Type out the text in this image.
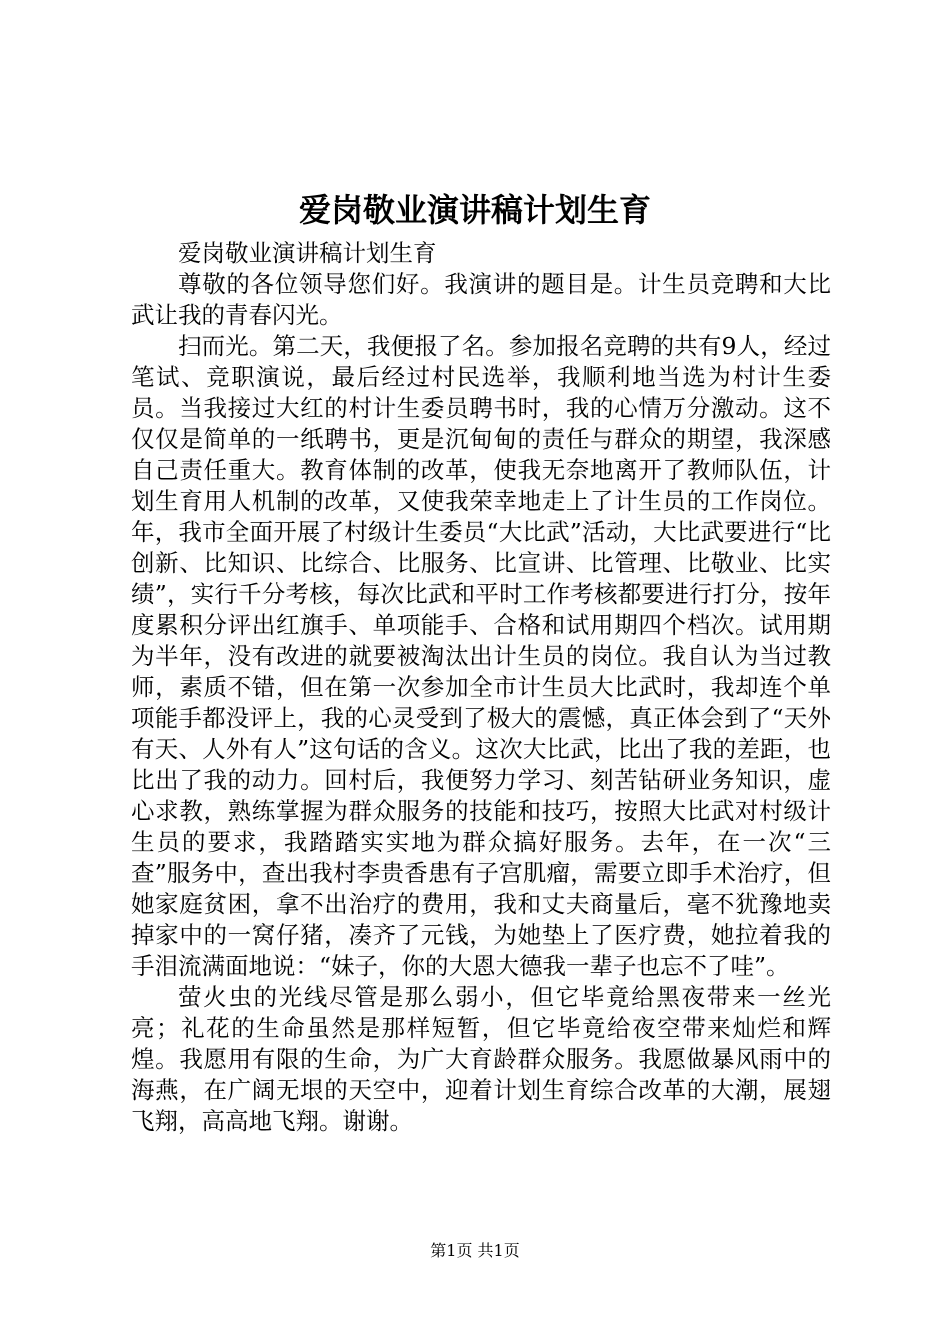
爱岗敬业演讲稿计划生育

爱岗敬业演讲稿计划生育

尊敬的各位领导您们好。我演讲的题目是。计生员竞聘和大比武让我的青春闪光。

扫而光。第二天，我便报了名。参加报名竞聘的共有9人，经过笔试、竞职演说，最后经过村民选举，我顺利地当选为村计生委员。当我接过大红的村计生委员聘书时，我的心情万分激动。这不仅仅是简单的一纸聘书，更是沉甸甸的责任与群众的期望，我深感自己责任重大。教育体制的改革，使我无奈地离开了教师队伍，计划生育用人机制的改革，又使我荣幸地走上了计生员的工作岗位。年，我市全面开展了村级计生委员“大比武”活动，大比武要进行“比创新、比知识、比综合、比服务、比宣讲、比管理、比敬业、比实绩”，实行千分考核，每次比武和平时工作考核都要进行打分，按年度累积分评出红旗手、单项能手、合格和试用期四个档次。试用期为半年，没有改进的就要被淘汰出计生员的岗位。我自认为当过教师，素质不错，但在第一次参加全市计生员大比武时，我却连个单项能手都没评上，我的心灵受到了极大的震憾，真正体会到了“天外有天、人外有人”这句话的含义。这次大比武，比出了我的差距，也比出了我的动力。回村后，我便努力学习、刻苦钻研业务知识，虚心求教，熟练掌握为群众服务的技能和技巧，按照大比武对村级计生员的要求，我踏踏实实地为群众搞好服务。去年，在一次“三查”服务中，查出我村李贵香患有子宫肌瘤，需要立即手术治疗，但她家庭贫困，拿不出治疗的费用，我和丈夫商量后，毫不犹豫地卖掉家中的一窝仔猪，凑齐了元钱，为她垫上了医疗费，她拉着我的手泪流满面地说：“妹子，你的大恩大德我一辈子也忘不了哇”。

萤火虫的光线尽管是那么弱小，但它毕竟给黑夜带来一丝光亮；礼花的生命虽然是那样短暂，但它毕竟给夜空带来灿烂和辉煌。我愿用有限的生命，为广大育龄群众服务。我愿做暴风雨中的海燕，在广阔无垠的天空中，迎着计划生育综合改革的大潮，展翅飞翔，高高地飞翔。谢谢。

第1页 共1页
